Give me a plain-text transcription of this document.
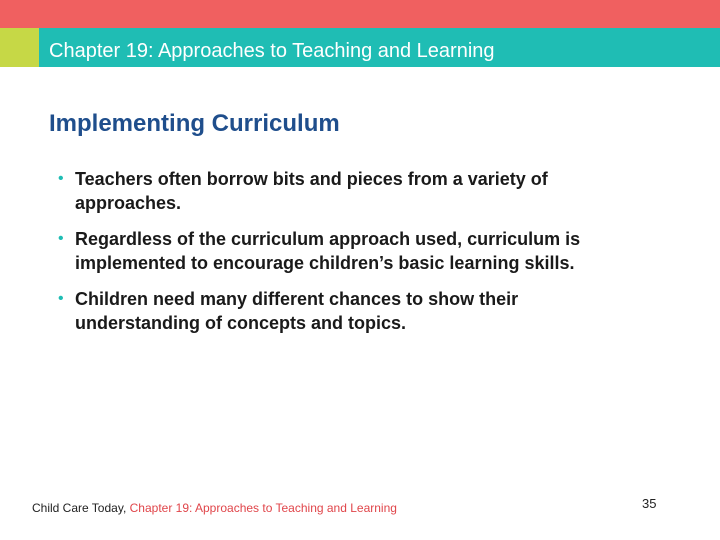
Chapter 19: Approaches to Teaching and Learning
Implementing Curriculum
• Teachers often borrow bits and pieces from a variety of approaches.
• Regardless of the curriculum approach used, curriculum is implemented to encourage children’s basic learning skills.
• Children need many different chances to show their understanding of concepts and topics.
Child Care Today, Chapter 19: Approaches to Teaching and Learning	35
